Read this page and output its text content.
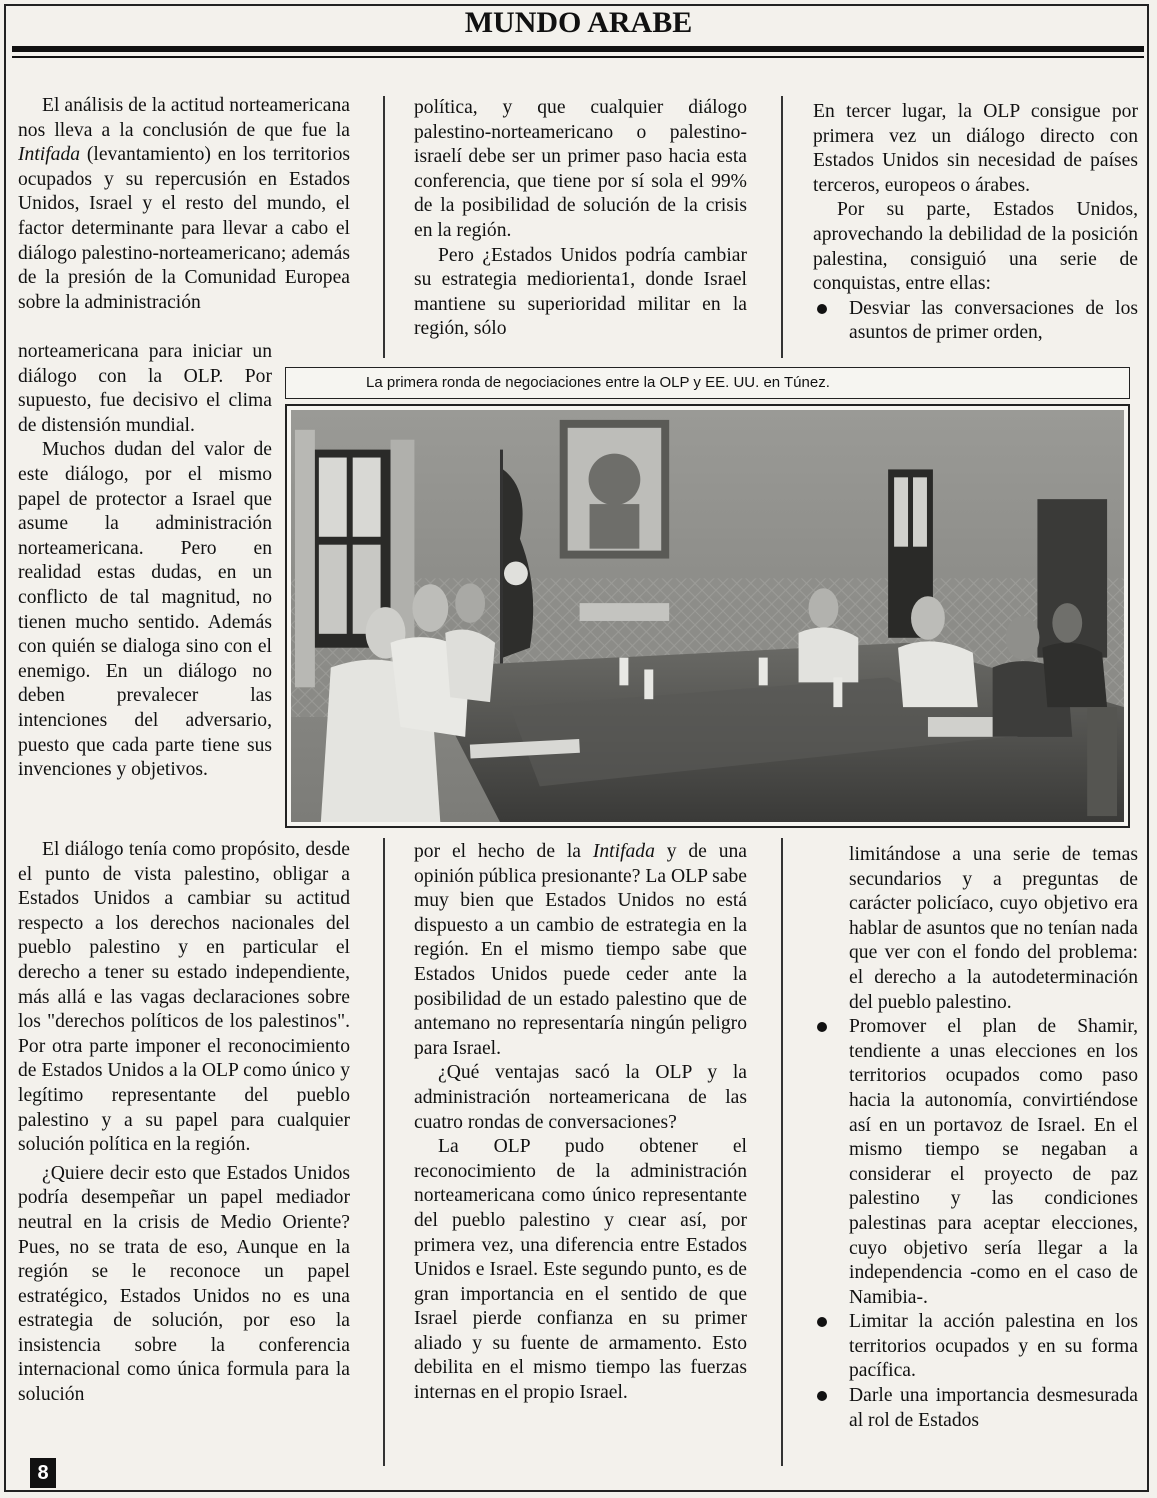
MUNDO ARABE

El análisis de la actitud norteamericana nos lleva a la conclusión de que fue la Intifada (levantamiento) en los territorios ocupados y su repercusión en Estados Unidos, Israel y el resto del mundo, el factor determinante para llevar a cabo el diálogo palestino-norteamericano; además de la presión de la Comunidad Europea sobre la administración

norteamericana para iniciar un diálogo con la OLP. Por supuesto, fue decisivo el clima de distensión mundial.

Muchos dudan del valor de este diálogo, por el mismo papel de protector a Israel que asume la administración norteamericana. Pero en realidad estas dudas, en un conflicto de tal magnitud, no tienen mucho sentido. Además con quién se dialoga sino con el enemigo. En un diálogo no deben prevalecer las intenciones del adversario, puesto que cada parte tiene sus invenciones y objetivos.

El diálogo tenía como propósito, desde el punto de vista palestino, obligar a Estados Unidos a cambiar su actitud respecto a los derechos nacionales del pueblo palestino y en particular el derecho a tener su estado independiente, más allá e las vagas declaraciones sobre los "derechos políticos de los palestinos". Por otra parte imponer el reconocimiento de Estados Unidos a la OLP como único y legítimo representante del pueblo palestino y a su papel para cualquier solución política en la región.

¿Quiere decir esto que Estados Unidos podría desempeñar un papel mediador neutral en la crisis de Medio Oriente? Pues, no se trata de eso, Aunque en la región se le reconoce un papel estratégico, Estados Unidos no es una estrategia de solución, por eso la insistencia sobre la conferencia internacional como única formula para la solución

política, y que cualquier diálogo palestino-norteamericano o palestino-israelí debe ser un primer paso hacia esta conferencia, que tiene por sí sola el 99% de la posibilidad de solución de la crisis en la región.

Pero ¿Estados Unidos podría cambiar su estrategia mediorienta1, donde Israel mantiene su superioridad militar en la región, sólo

por el hecho de la Intifada y de una opinión pública presionante? La OLP sabe muy bien que Estados Unidos no está dispuesto a un cambio de estrategia en la región. En el mismo tiempo sabe que Estados Unidos puede ceder ante la posibilidad de un estado palestino que de antemano no representaría ningún peligro para Israel.

¿Qué ventajas sacó la OLP y la administración norteamericana de las cuatro rondas de conversaciones?

La OLP pudo obtener el reconocimiento de la administración norteamericana como único representante del pueblo palestino y cıear así, por primera vez, una diferencia entre Estados Unidos e Israel. Este segundo punto, es de gran importancia en el sentido de que Israel pierde confianza en su primer aliado y su fuente de armamento. Esto debilita en el mismo tiempo las fuerzas internas en el propio Israel.

En tercer lugar, la OLP consigue por primera vez un diálogo directo con Estados Unidos sin necesidad de países terceros, europeos o árabes.

Por su parte, Estados Unidos, aprovechando la debilidad de la posición palestina, consiguió una serie de conquistas, entre ellas:

Desviar las conversaciones de los asuntos de primer orden,
limitándose a una serie de temas secundarios y a preguntas de carácter policíaco, cuyo objetivo era hablar de asuntos que no tenían nada que ver con el fondo del problema: el derecho a la autodeterminación del pueblo palestino.
Promover el plan de Shamir, tendiente a unas elecciones en los territorios ocupados como paso hacia la autonomía, convirtiéndose así en un portavoz de Israel. En el mismo tiempo se negaban a considerar el proyecto de paz palestino y las condiciones palestinas para aceptar elecciones, cuyo objetivo sería llegar a la independencia -como en el caso de Namibia-.
Limitar la acción palestina en los territorios ocupados y en su forma pacífica.
Darle una importancia desmesurada al rol de Estados
La primera ronda de negociaciones entre la OLP y EE. UU. en Túnez.
8
